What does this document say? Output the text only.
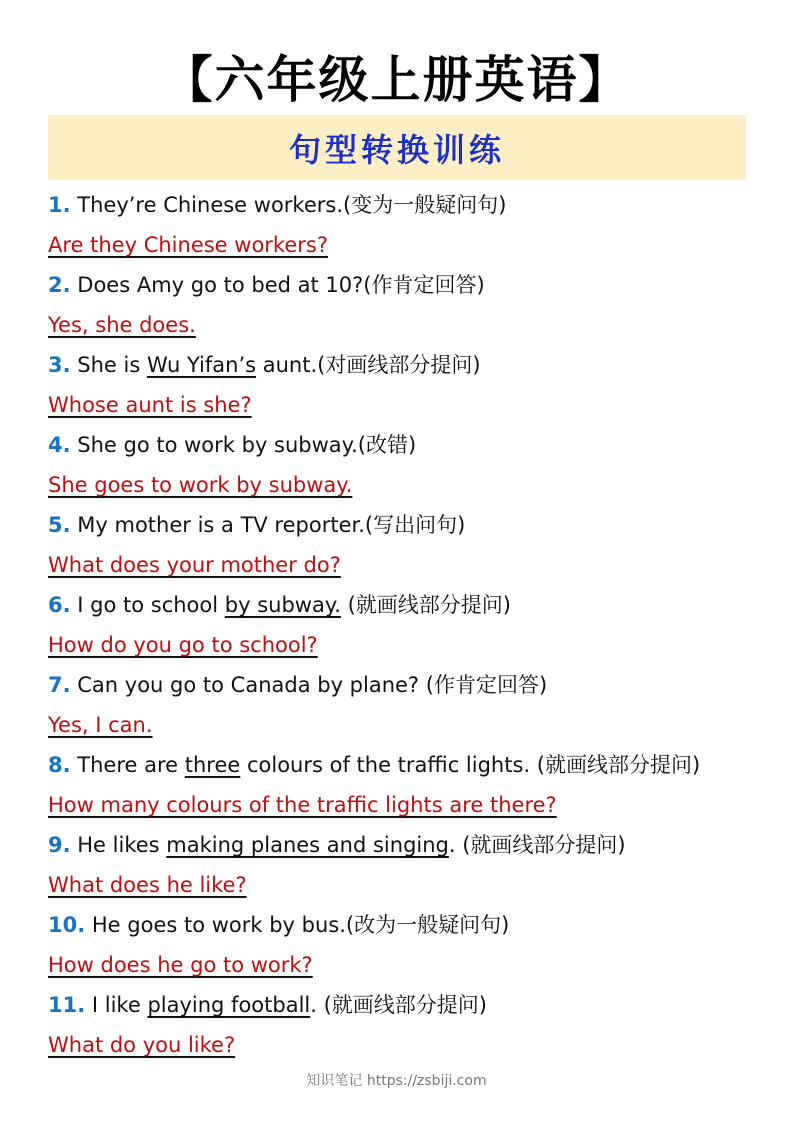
【六年级上册英语】
句型转换训练
1. They’re Chinese workers.(变为一般疑问句)
Are they Chinese workers?
2. Does Amy go to bed at 10?(作肯定回答)
Yes, she does.
3. She is Wu Yifan’s aunt.(对画线部分提问)
Whose aunt is she?
4. She go to work by subway.(改错)
She goes to work by subway.
5. My mother is a TV reporter.(写出问句)
What does your mother do?
6. I go to school by subway. (就画线部分提问)
How do you go to school?
7. Can you go to Canada by plane? (作肯定回答)
Yes, I can.
8. There are three colours of the traffic lights. (就画线部分提问)
How many colours of the traffic lights are there?
9. He likes making planes and singing. (就画线部分提问)
What does he like?
10. He goes to work by bus.(改为一般疑问句)
How does he go to work?
11. I like playing football. (就画线部分提问)
What do you like?
知识笔记 https://zsbiji.com
